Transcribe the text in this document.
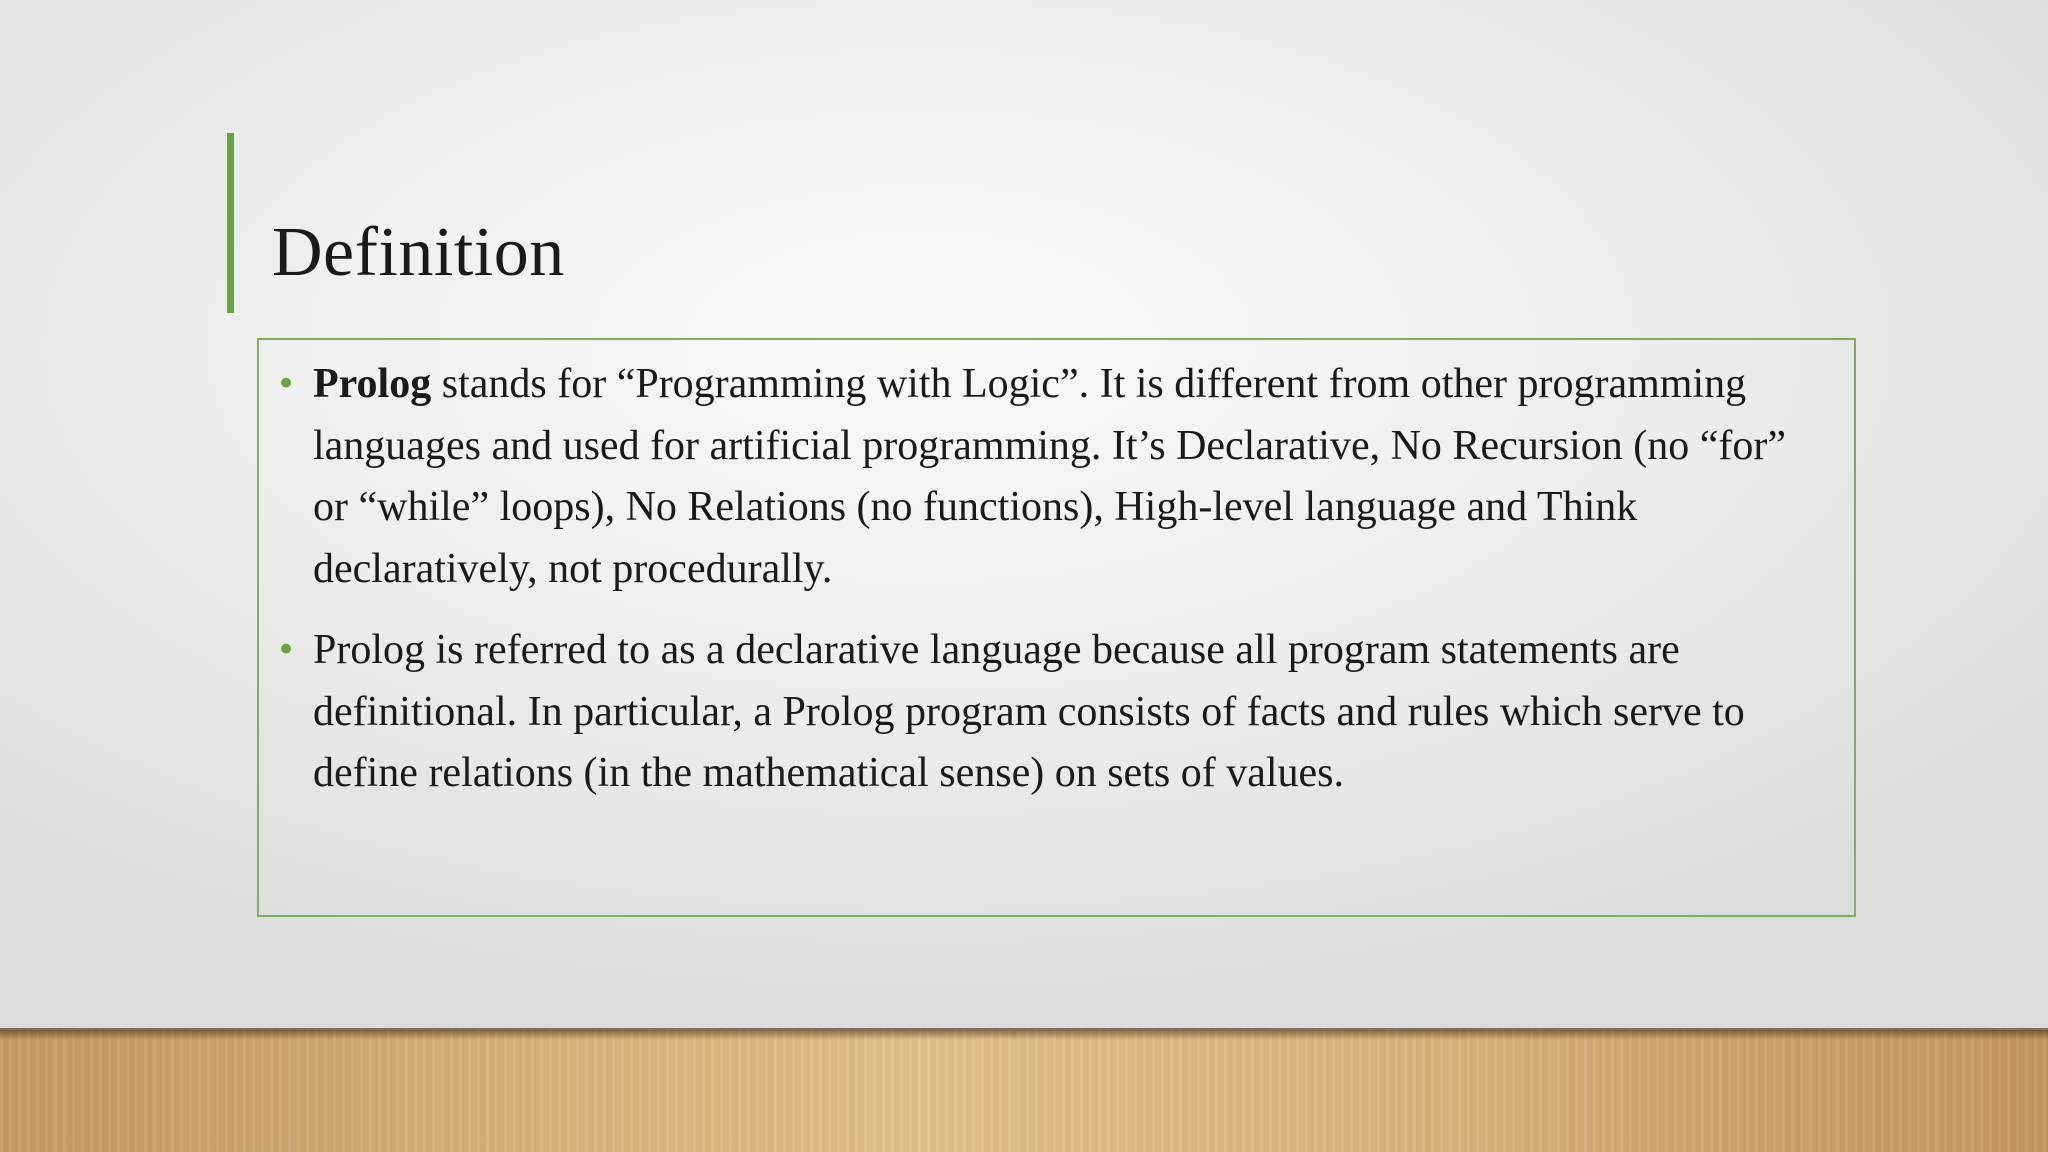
Definition
• Prolog stands for “Programming with Logic”. It is different from other programming languages and used for artificial programming. It’s Declarative, No Recursion (no “for” or “while” loops), No Relations (no functions), High-level language and Think declaratively, not procedurally.
• Prolog is referred to as a declarative language because all program statements are definitional. In particular, a Prolog program consists of facts and rules which serve to define relations (in the mathematical sense) on sets of values.
